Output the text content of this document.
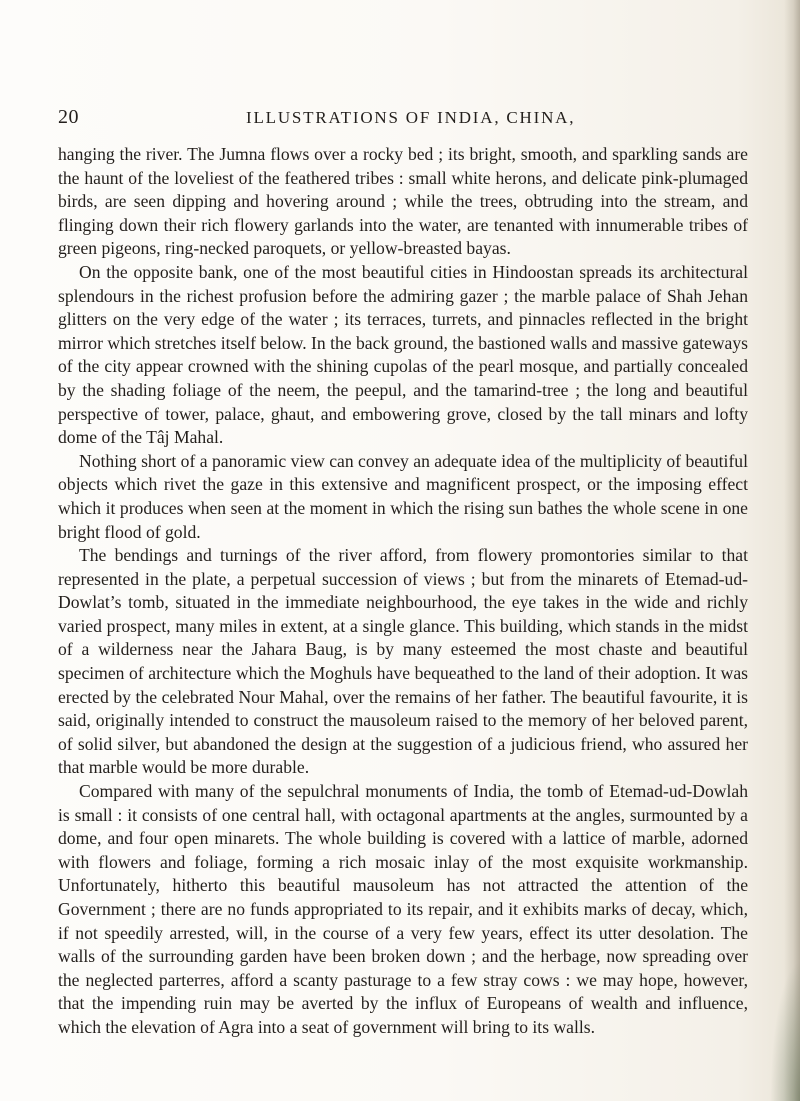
20	ILLUSTRATIONS OF INDIA, CHINA,

hanging the river. The Jumna flows over a rocky bed ; its bright, smooth, and sparkling sands are the haunt of the loveliest of the feathered tribes : small white herons, and delicate pink-plumaged birds, are seen dipping and hovering around ; while the trees, obtruding into the stream, and flinging down their rich flowery garlands into the water, are tenanted with innumerable tribes of green pigeons, ring-necked paroquets, or yellow-breasted bayas.

On the opposite bank, one of the most beautiful cities in Hindoostan spreads its architectural splendours in the richest profusion before the admiring gazer ; the marble palace of Shah Jehan glitters on the very edge of the water ; its terraces, turrets, and pinnacles reflected in the bright mirror which stretches itself below. In the back ground, the bastioned walls and massive gateways of the city appear crowned with the shining cupolas of the pearl mosque, and partially concealed by the shading foliage of the neem, the peepul, and the tamarind-tree ; the long and beautiful perspective of tower, palace, ghaut, and embowering grove, closed by the tall minars and lofty dome of the Tâj Mahal.

Nothing short of a panoramic view can convey an adequate idea of the multiplicity of beautiful objects which rivet the gaze in this extensive and magnificent prospect, or the imposing effect which it produces when seen at the moment in which the rising sun bathes the whole scene in one bright flood of gold.

The bendings and turnings of the river afford, from flowery promontories similar to that represented in the plate, a perpetual succession of views ; but from the minarets of Etemad-ud-Dowlat’s tomb, situated in the immediate neighbourhood, the eye takes in the wide and richly varied prospect, many miles in extent, at a single glance. This building, which stands in the midst of a wilderness near the Jahara Baug, is by many esteemed the most chaste and beautiful specimen of architecture which the Moghuls have bequeathed to the land of their adoption. It was erected by the celebrated Nour Mahal, over the remains of her father. The beautiful favourite, it is said, originally intended to construct the mausoleum raised to the memory of her beloved parent, of solid silver, but abandoned the design at the suggestion of a judicious friend, who assured her that marble would be more durable.

Compared with many of the sepulchral monuments of India, the tomb of Etemad-ud-Dowlah is small : it consists of one central hall, with octagonal apartments at the angles, surmounted by a dome, and four open minarets. The whole building is covered with a lattice of marble, adorned with flowers and foliage, forming a rich mosaic inlay of the most exquisite workmanship. Unfortunately, hitherto this beautiful mausoleum has not attracted the attention of the Government ; there are no funds appropriated to its repair, and it exhibits marks of decay, which, if not speedily arrested, will, in the course of a very few years, effect its utter desolation. The walls of the surrounding garden have been broken down ; and the herbage, now spreading over the neglected parterres, afford a scanty pasturage to a few stray cows : we may hope, however, that the impending ruin may be averted by the influx of Europeans of wealth and influence, which the elevation of Agra into a seat of government will bring to its walls.
